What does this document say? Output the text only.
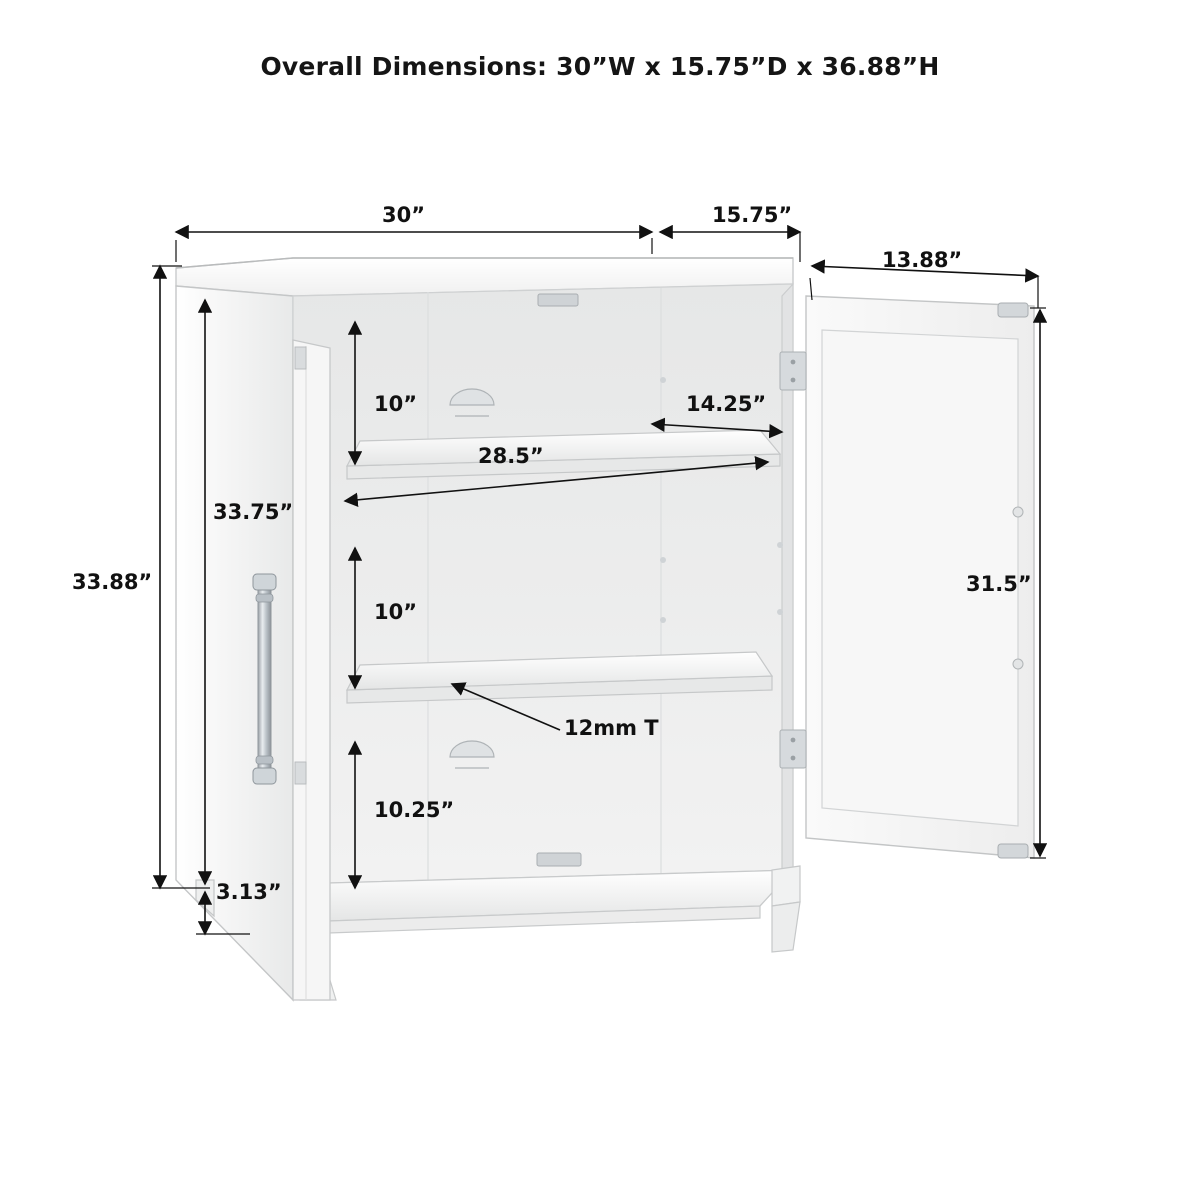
Overall Dimensions: 30”W x 15.75”D x 36.88”H
30”	15.75”
13.88”
31.5”
10”
10”
10.25”
33.75”
33.88”
3.13”
14.25”
28.5”
12mm T
